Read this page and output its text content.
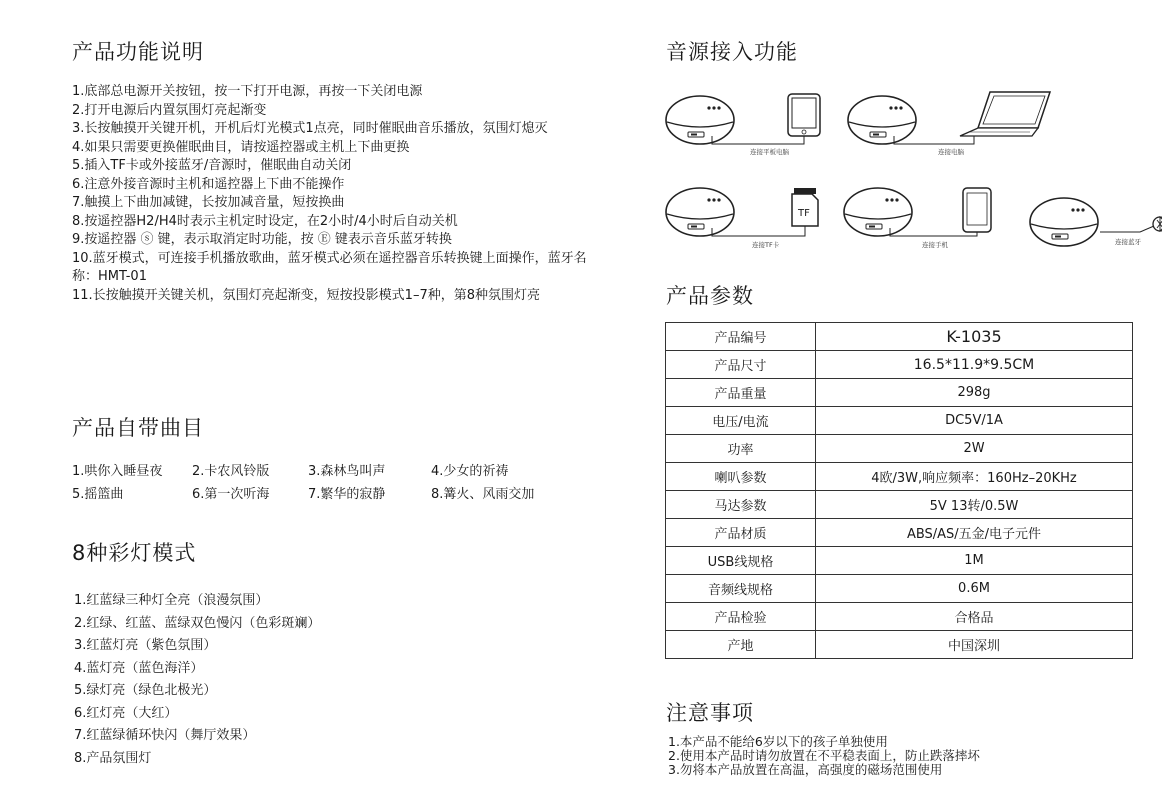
产品功能说明
1.底部总电源开关按钮，按一下打开电源，再按一下关闭电源
2.打开电源后内置氛围灯亮起渐变
3.长按触摸开关键开机，开机后灯光模式1点亮，同时催眠曲音乐播放，氛围灯熄灭
4.如果只需要更换催眠曲目，请按遥控器或主机上下曲更换
5.插入TF卡或外接蓝牙/音源时，催眠曲自动关闭
6.注意外接音源时主机和遥控器上下曲不能操作
7.触摸上下曲加减键，长按加减音量，短按换曲
8.按遥控器H2/H4时表示主机定时设定，在2小时/4小时后自动关机
9.按遥控器 ⓢ 键，表示取消定时功能，按 Ⓔ 键表示音乐蓝牙转换
10.蓝牙模式，可连接手机播放歌曲，蓝牙模式必须在遥控器音乐转换键上面操作，蓝牙名称：HMT-01
11.长按触摸开关键关机，氛围灯亮起渐变，短按投影模式1–7种，第8种氛围灯亮
产品自带曲目
1.哄你入睡昼夜 2.卡农风铃版	3.森林鸟叫声	4.少女的祈祷
5.摇篮曲	6.第一次听海	7.繁华的寂静	8.篝火、风雨交加
8种彩灯模式
1.红蓝绿三种灯全亮（浪漫氛围）
2.红绿、红蓝、蓝绿双色慢闪（色彩斑斓）
3.红蓝灯亮（紫色氛围）
4.蓝灯亮（蓝色海洋）
5.绿灯亮（绿色北极光）
6.红灯亮（大红）
7.红蓝绿循环快闪（舞厅效果）
8.产品氛围灯
音源接入功能
连接平板电脑	连接电脑
连接TF卡	连接手机	连接蓝牙
TF
产品参数
产品编号	K-1035
产品尺寸	16.5*11.9*9.5CM
产品重量	298g
电压/电流	DC5V/1A
功率	2W
喇叭参数	4欧/3W,响应频率：160Hz–20KHz
马达参数	5V 13转/0.5W
产品材质	ABS/AS/五金/电子元件
USB线规格	1M
音频线规格	0.6M
产品检验	合格品
产地	中国深圳
注意事项
1.本产品不能给6岁以下的孩子单独使用
2.使用本产品时请勿放置在不平稳表面上，防止跌落摔坏
3.勿将本产品放置在高温，高强度的磁场范围使用
